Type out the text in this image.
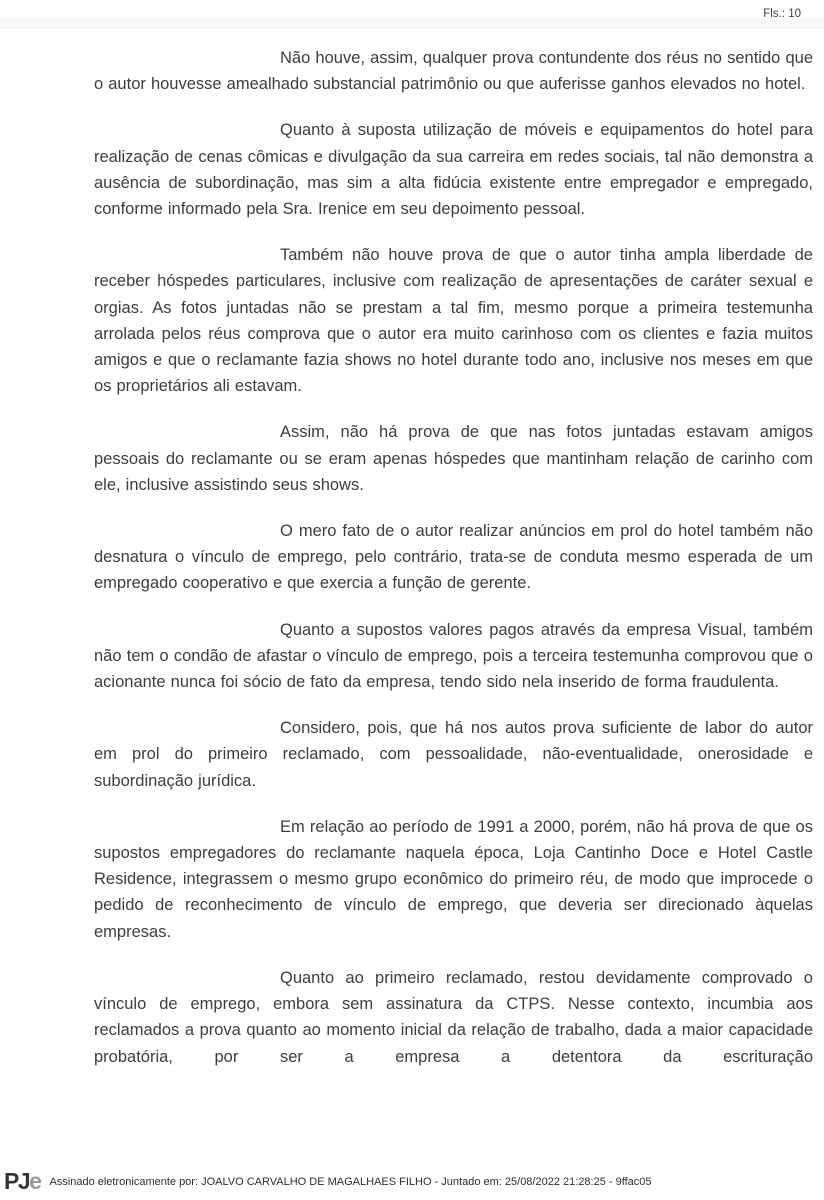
Fls.: 10

Não houve, assim, qualquer prova contundente dos réus no sentido que o autor houvesse amealhado substancial patrimônio ou que auferisse ganhos elevados no hotel.

Quanto à suposta utilização de móveis e equipamentos do hotel para realização de cenas cômicas e divulgação da sua carreira em redes sociais, tal não demonstra a ausência de subordinação, mas sim a alta fidúcia existente entre empregador e empregado, conforme informado pela Sra. Irenice em seu depoimento pessoal.

Também não houve prova de que o autor tinha ampla liberdade de receber hóspedes particulares, inclusive com realização de apresentações de caráter sexual e orgias. As fotos juntadas não se prestam a tal fim, mesmo porque a primeira testemunha arrolada pelos réus comprova que o autor era muito carinhoso com os clientes e fazia muitos amigos e que o reclamante fazia shows no hotel durante todo ano, inclusive nos meses em que os proprietários ali estavam.

Assim, não há prova de que nas fotos juntadas estavam amigos pessoais do reclamante ou se eram apenas hóspedes que mantinham relação de carinho com ele, inclusive assistindo seus shows.

O mero fato de o autor realizar anúncios em prol do hotel também não desnatura o vínculo de emprego, pelo contrário, trata-se de conduta mesmo esperada de um empregado cooperativo e que exercia a função de gerente.

Quanto a supostos valores pagos através da empresa Visual, também não tem o condão de afastar o vínculo de emprego, pois a terceira testemunha comprovou que o acionante nunca foi sócio de fato da empresa, tendo sido nela inserido de forma fraudulenta.

Considero, pois, que há nos autos prova suficiente de labor do autor em prol do primeiro reclamado, com pessoalidade, não-eventualidade, onerosidade e subordinação jurídica.

Em relação ao período de 1991 a 2000, porém, não há prova de que os supostos empregadores do reclamante naquela época, Loja Cantinho Doce e Hotel Castle Residence, integrassem o mesmo grupo econômico do primeiro réu, de modo que improcede o pedido de reconhecimento de vínculo de emprego, que deveria ser direcionado àquelas empresas.

Quanto ao primeiro reclamado, restou devidamente comprovado o vínculo de emprego, embora sem assinatura da CTPS. Nesse contexto, incumbia aos reclamados a prova quanto ao momento inicial da relação de trabalho, dada a maior capacidade probatória, por ser a empresa a detentora da escrituração

PJe Assinado eletronicamente por: JOALVO CARVALHO DE MAGALHAES FILHO - Juntado em: 25/08/2022 21:28:25 - 9ffac05
